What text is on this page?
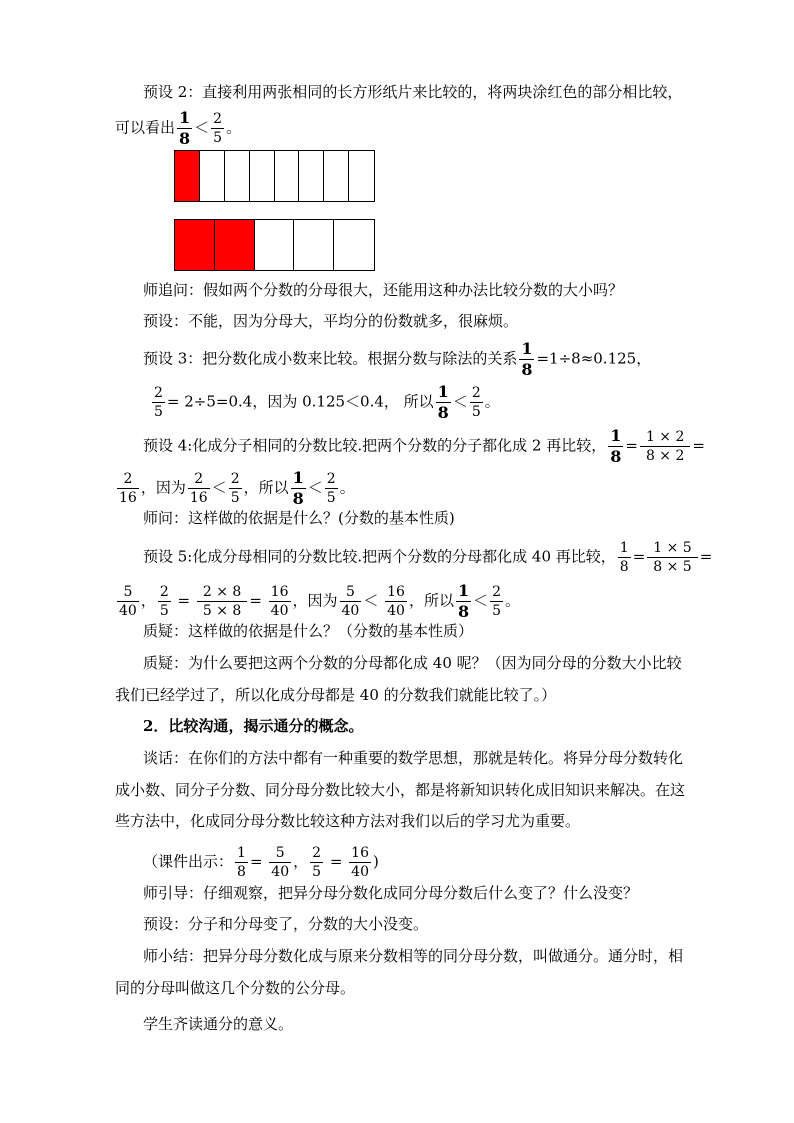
预设 2：直接利用两张相同的长方形纸片来比较的，将两块涂红色的部分相比较，
可以看出 $\frac{1}{8} < \frac{2}{5}$ 。
师追问：假如两个分数的分母很大，还能用这种办法比较分数的大小吗？
预设：不能，因为分母大，平均分的份数就多，很麻烦。
预设 3：把分数化成小数来比较。根据分数与除法的关系 $\frac{1}{8} =1\div 8\approx 0.125$，
$\frac{2}{5} = 2\div 5=0.4$，因为 0.125＜0.4， 所以 $\frac{1}{8} < \frac{2}{5}$ 。
预设 4:化成分子相同的分数比较.把两个分数的分子都化成 2 再比较， $\frac{1}{8} = \frac{1 \times 2}{8 \times 2}$ =
$\frac{2}{16}$ ，因为 $\frac{2}{16} < \frac{2}{5}$ ，所以 $\frac{1}{8} < \frac{2}{5}$ 。
师问：这样做的依据是什么？(分数的基本性质)
预设 5:化成分母相同的分数比较.把两个分数的分母都化成 40 再比较， $\frac{1}{8} = \frac{1 \times 5}{8 \times 5}$ =
$\frac{5}{40}$ ， $\frac{2}{5} = \frac{2 \times 8}{5 \times 8} = \frac{16}{40}$ ，因为 $\frac{5}{40} < \frac{16}{40}$ ，所以 $\frac{1}{8} < \frac{2}{5}$ 。
质疑：这样做的依据是什么？（分数的基本性质）
质疑：为什么要把这两个分数的分母都化成 40 呢？（因为同分母的分数大小比较
我们已经学过了，所以化成分母都是 40 的分数我们就能比较了。）
2．比较沟通，揭示通分的概念。
谈话：在你们的方法中都有一种重要的数学思想，那就是转化。将异分母分数转化
成小数、同分子分数、同分母分数比较大小，都是将新知识转化成旧知识来解决。在这
些方法中，化成同分母分数比较这种方法对我们以后的学习尤为重要。
（课件出示： $\frac{1}{8} = \frac{5}{40}$ ， $\frac{2}{5} = \frac{16}{40}$ )
师引导：仔细观察，把异分母分数化成同分母分数后什么变了？什么没变？
预设：分子和分母变了，分数的大小没变。
师小结：把异分母分数化成与原来分数相等的同分母分数，叫做通分。通分时，相
同的分母叫做这几个分数的公分母。
学生齐读通分的意义。
